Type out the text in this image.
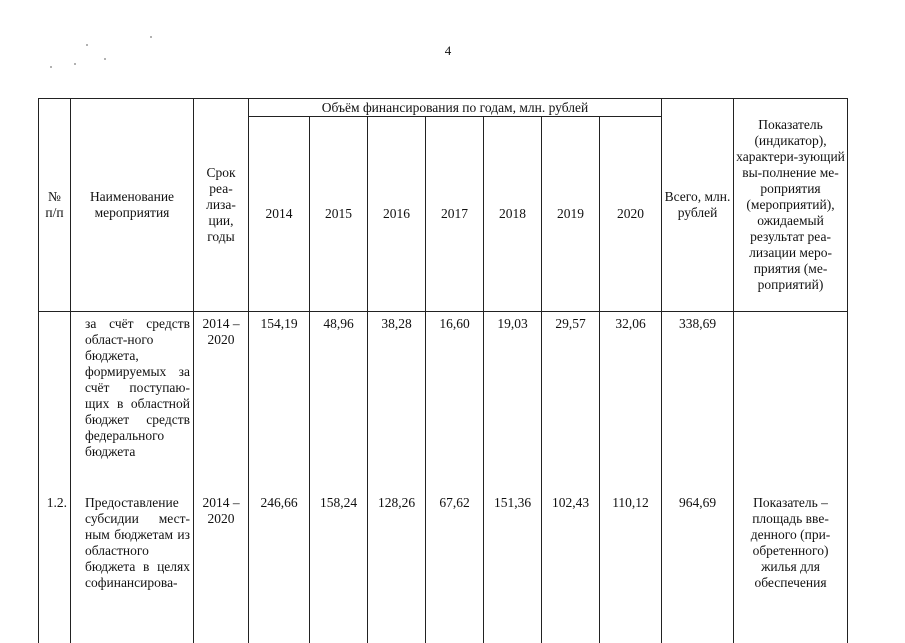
4
№ п/п	Наименование мероприятия	Срок реа-лиза-ции, годы	Объём финансирования по годам, млн. рублей							Всего, млн. рублей	Показатель (индикатор), характери-зующий вы-полнение ме-роприятия (мероприятий), ожидаемый результат реа-лизации меро-приятия (ме-роприятий)
			2014	2015	2016	2017	2018	2019	2020		
	за счёт средств област-ного бюджета, формируемых за счёт поступаю-щих в областной бюджет средств федерального бюджета	2014 – 2020	154,19	48,96	38,28	16,60	19,03	29,57	32,06	338,69	
1.2.	Предоставление субсидии мест-ным бюджетам из областного бюджета в целях софинансирова-	2014 – 2020	246,66	158,24	128,26	67,62	151,36	102,43	110,12	964,69	Показатель – площадь вве-денного (при-обретенного) жилья для обеспечения
